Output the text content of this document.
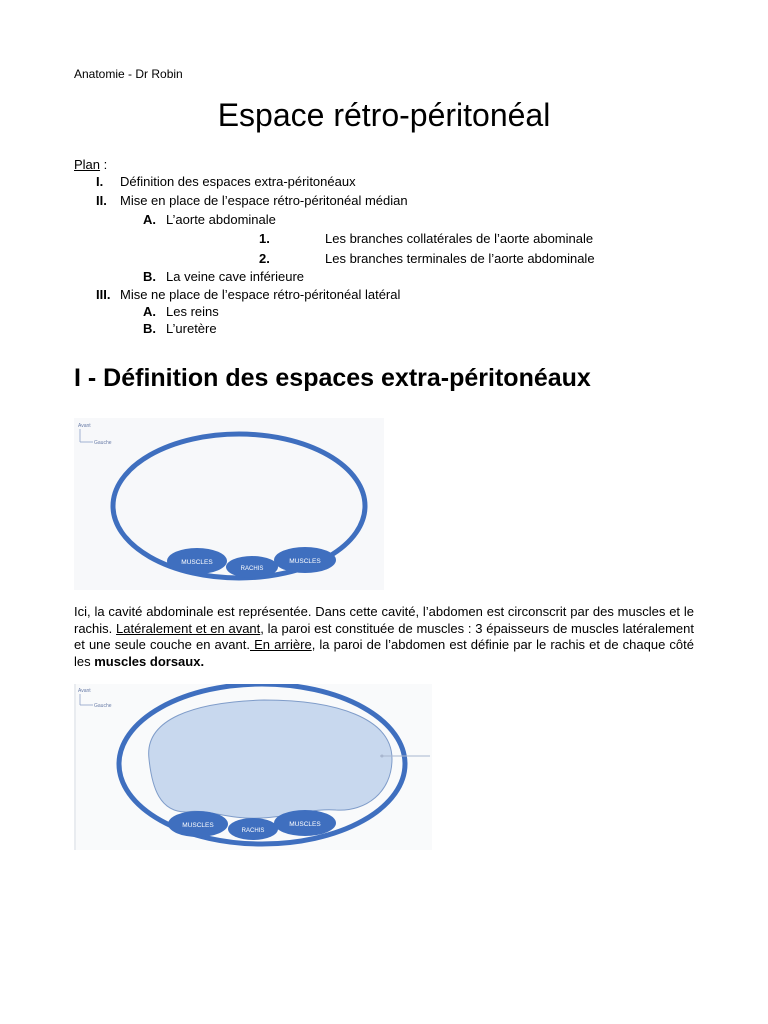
Anatomie - Dr Robin
Espace rétro-péritonéal
Plan :
I. Définition des espaces extra-péritonéaux
II. Mise en place de l’espace rétro-péritonéal médian
A. L’aorte abdominale
1.	Les branches collatérales de l’aorte abominale
2.	Les branches terminales de l’aorte abdominale
B. La veine cave inférieure
III. Mise ne place de l’espace rétro-péritonéal latéral
A. Les reins
B. L’uretère
I - Définition des espaces extra-péritonéaux
Avant
Gauche
MUSCLES
RACHIS
MUSCLES
Ici, la cavité abdominale est représentée. Dans cette cavité, l’abdomen est circonscrit par des muscles et le rachis. Latéralement et en avant, la paroi est constituée de muscles : 3 épaisseurs de muscles latéralement et une seule couche en avant. En arrière, la paroi de l’abdomen est définie par le rachis et de chaque côté les muscles dorsaux.
Avant
Gauche
MUSCLES
RACHIS
MUSCLES
